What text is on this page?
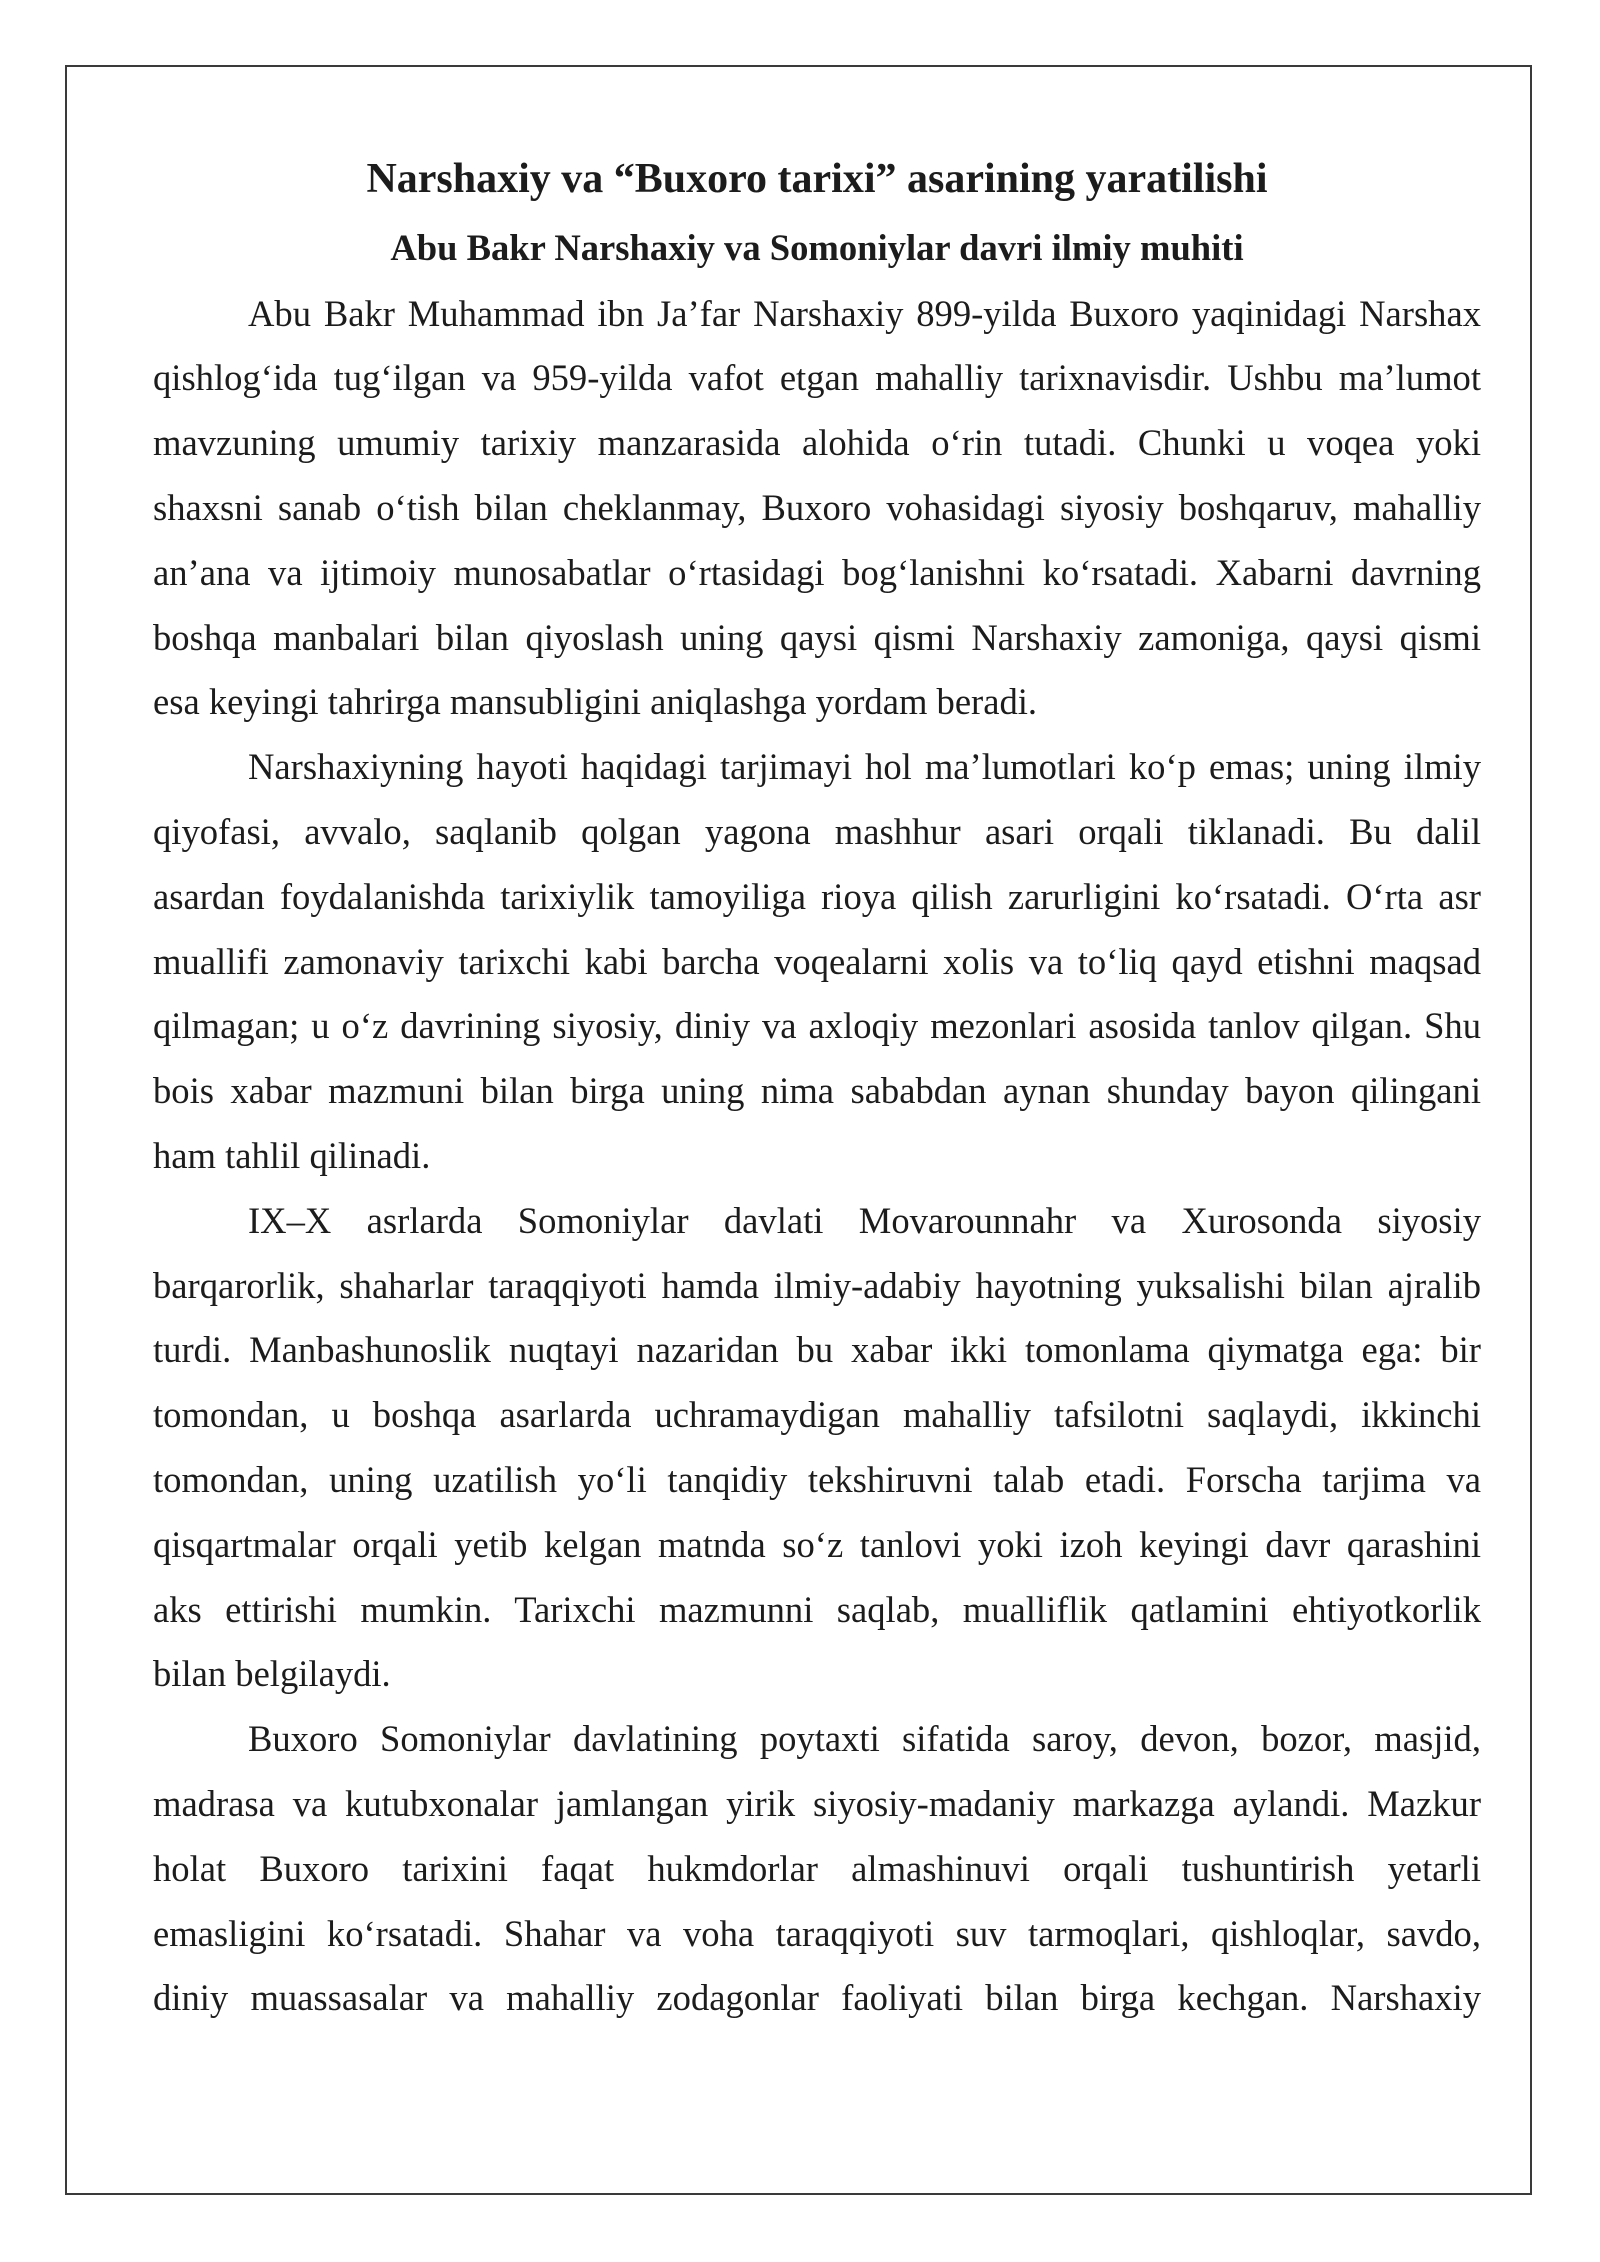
Narshaxiy va “Buxoro tarixi” asarining yaratilishi
Abu Bakr Narshaxiy va Somoniylar davri ilmiy muhiti
Abu Bakr Muhammad ibn Ja’far Narshaxiy 899-yilda Buxoro yaqinidagi Narshax
qishlog‘ida tug‘ilgan va 959-yilda vafot etgan mahalliy tarixnavisdir. Ushbu ma’lumot
mavzuning umumiy tarixiy manzarasida alohida o‘rin tutadi. Chunki u voqea yoki
shaxsni sanab o‘tish bilan cheklanmay, Buxoro vohasidagi siyosiy boshqaruv, mahalliy
an’ana va ijtimoiy munosabatlar o‘rtasidagi bog‘lanishni ko‘rsatadi. Xabarni davrning
boshqa manbalari bilan qiyoslash uning qaysi qismi Narshaxiy zamoniga, qaysi qismi
esa keyingi tahrirga mansubligini aniqlashga yordam beradi.
Narshaxiyning hayoti haqidagi tarjimayi hol ma’lumotlari ko‘p emas; uning ilmiy
qiyofasi, avvalo, saqlanib qolgan yagona mashhur asari orqali tiklanadi. Bu dalil
asardan foydalanishda tarixiylik tamoyiliga rioya qilish zarurligini ko‘rsatadi. O‘rta asr
muallifi zamonaviy tarixchi kabi barcha voqealarni xolis va to‘liq qayd etishni maqsad
qilmagan; u o‘z davrining siyosiy, diniy va axloqiy mezonlari asosida tanlov qilgan. Shu
bois xabar mazmuni bilan birga uning nima sababdan aynan shunday bayon qilingani
ham tahlil qilinadi.
IX–X asrlarda Somoniylar davlati Movarounnahr va Xurosonda siyosiy
barqarorlik, shaharlar taraqqiyoti hamda ilmiy-adabiy hayotning yuksalishi bilan ajralib
turdi. Manbashunoslik nuqtayi nazaridan bu xabar ikki tomonlama qiymatga ega: bir
tomondan, u boshqa asarlarda uchramaydigan mahalliy tafsilotni saqlaydi, ikkinchi
tomondan, uning uzatilish yo‘li tanqidiy tekshiruvni talab etadi. Forscha tarjima va
qisqartmalar orqali yetib kelgan matnda so‘z tanlovi yoki izoh keyingi davr qarashini
aks ettirishi mumkin. Tarixchi mazmunni saqlab, mualliflik qatlamini ehtiyotkorlik
bilan belgilaydi.
Buxoro Somoniylar davlatining poytaxti sifatida saroy, devon, bozor, masjid,
madrasa va kutubxonalar jamlangan yirik siyosiy-madaniy markazga aylandi. Mazkur
holat Buxoro tarixini faqat hukmdorlar almashinuvi orqali tushuntirish yetarli
emasligini ko‘rsatadi. Shahar va voha taraqqiyoti suv tarmoqlari, qishloqlar, savdo,
diniy muassasalar va mahalliy zodagonlar faoliyati bilan birga kechgan. Narshaxiy
